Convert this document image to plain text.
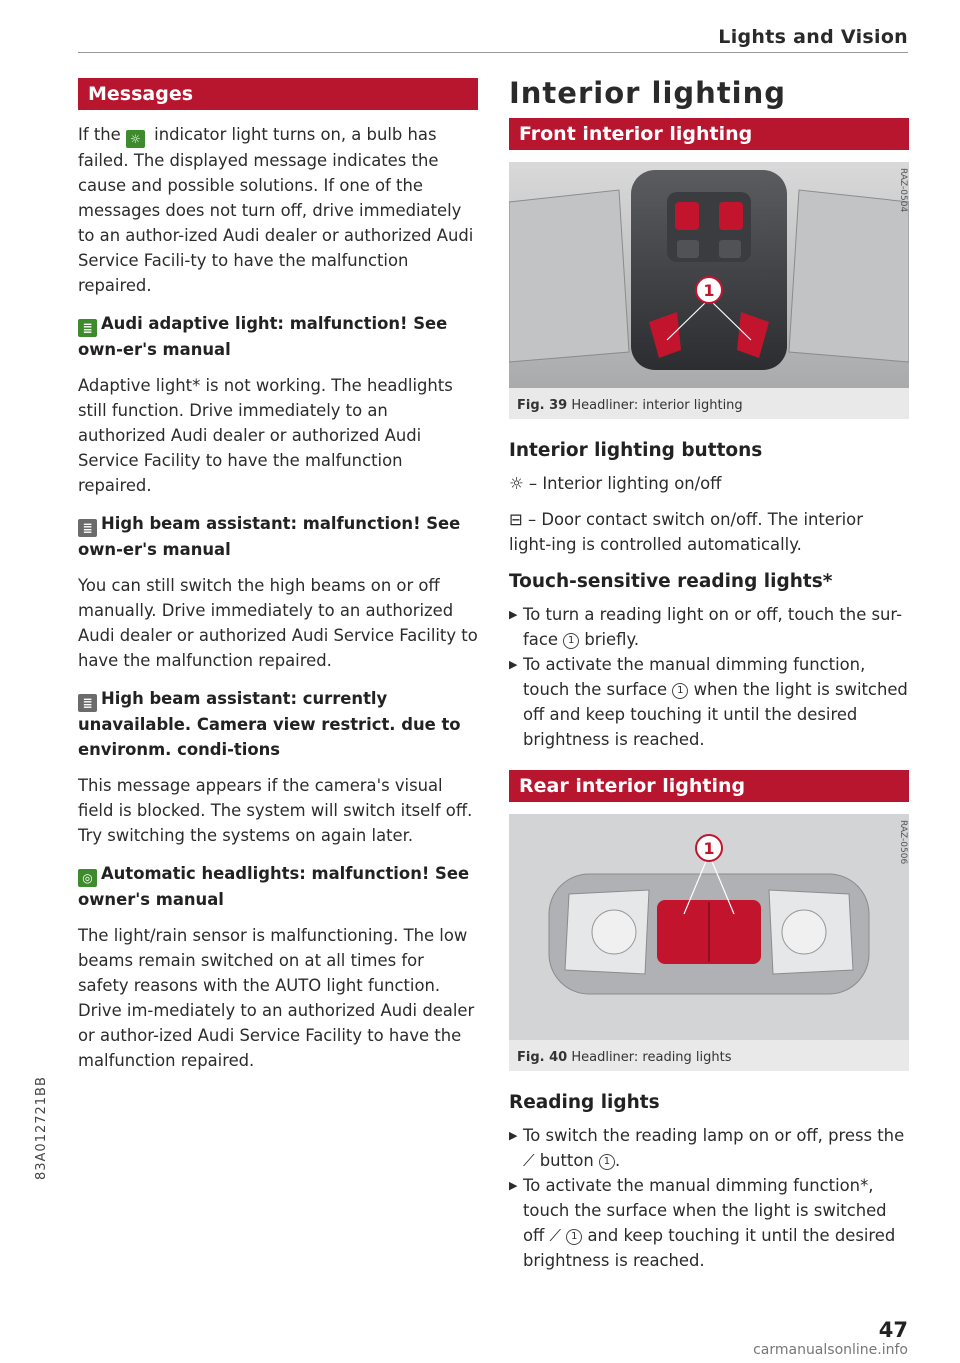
Lights and Vision
83A012721BB
Messages

If the ☼ indicator light turns on, a bulb has failed. The displayed message indicates the cause and possible solutions. If one of the messages does not turn off, drive immediately to an author-ized Audi dealer or authorized Audi Service Facili-ty to have the malfunction repaired.

≣ Audi adaptive light: malfunction! See own-er's manual

Adaptive light* is not working. The headlights still function. Drive immediately to an authorized Audi dealer or authorized Audi Service Facility to have the malfunction repaired.

≣ High beam assistant: malfunction! See own-er's manual

You can still switch the high beams on or off manually. Drive immediately to an authorized Audi dealer or authorized Audi Service Facility to have the malfunction repaired.

≣ High beam assistant: currently unavailable. Camera view restrict. due to environm. condi-tions

This message appears if the camera's visual field is blocked. The system will switch itself off. Try switching the systems on again later.

◎ Automatic headlights: malfunction! See owner's manual

The light/rain sensor is malfunctioning. The low beams remain switched on at all times for safety reasons with the AUTO light function. Drive im-mediately to an authorized Audi dealer or author-ized Audi Service Facility to have the malfunction repaired.

Interior lighting
Front interior lighting
1
RAZ-0504
Fig. 39 Headliner: interior lighting
Interior lighting buttons

☼ – Interior lighting on/off

⊟ – Door contact switch on/off. The interior light-ing is controlled automatically.

Touch-sensitive reading lights*

▶ To turn a reading light on or off, touch the sur-face 1 briefly.

▶ To activate the manual dimming function, touch the surface 1 when the light is switched off and keep touching it until the desired brightness is reached.

Rear interior lighting
1	RAZ-0506
Fig. 40 Headliner: reading lights
Reading lights

▶ To switch the reading lamp on or off, press the ⟋ button 1 .

▶ To activate the manual dimming function*, touch the surface when the light is switched off ⟋ 1 and keep touching it until the desired brightness is reached.

47
carmanualsonline.info
